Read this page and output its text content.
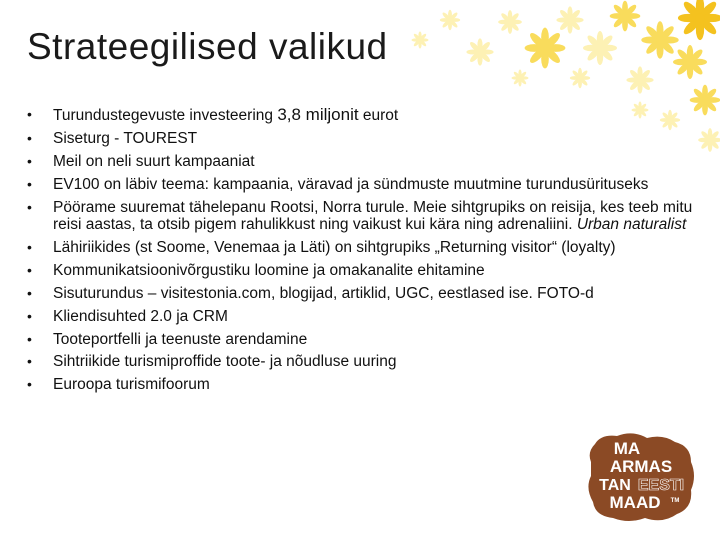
Strateegilised valikud
•	Turundustegevuste investeering 3,8 miljonit eurot
•	Siseturg - TOUREST
•	Meil on neli suurt kampaaniat
•	EV100 on läbiv teema: kampaania, väravad ja sündmuste muutmine turundusürituseks
•	Pöörame suuremat tähelepanu Rootsi, Norra turule. Meie sihtgrupiks on reisija, kes teeb mitu reisi aastas, ta otsib pigem rahulikkust ning vaikust kui kära ning adrenaliini. Urban naturalist
•	Lähiriikides (st Soome, Venemaa ja Läti) on sihtgrupiks „Returning visitor“ (loyalty)
•	Kommunikatsioonivõrgustiku loomine ja omakanalite ehitamine
•	Sisuturundus – visitestonia.com, blogijad, artiklid, UGC, eestlased ise. FOTO-d
•	Kliendisuhted 2.0 ja CRM
•	Tooteportfelli ja teenuste arendamine
•	Sihtriikide turismiproffide toote- ja nõudluse uuring
•	Euroopa turismifoorum
MA
ARMAS
TAN EESTI
MAAD TM
